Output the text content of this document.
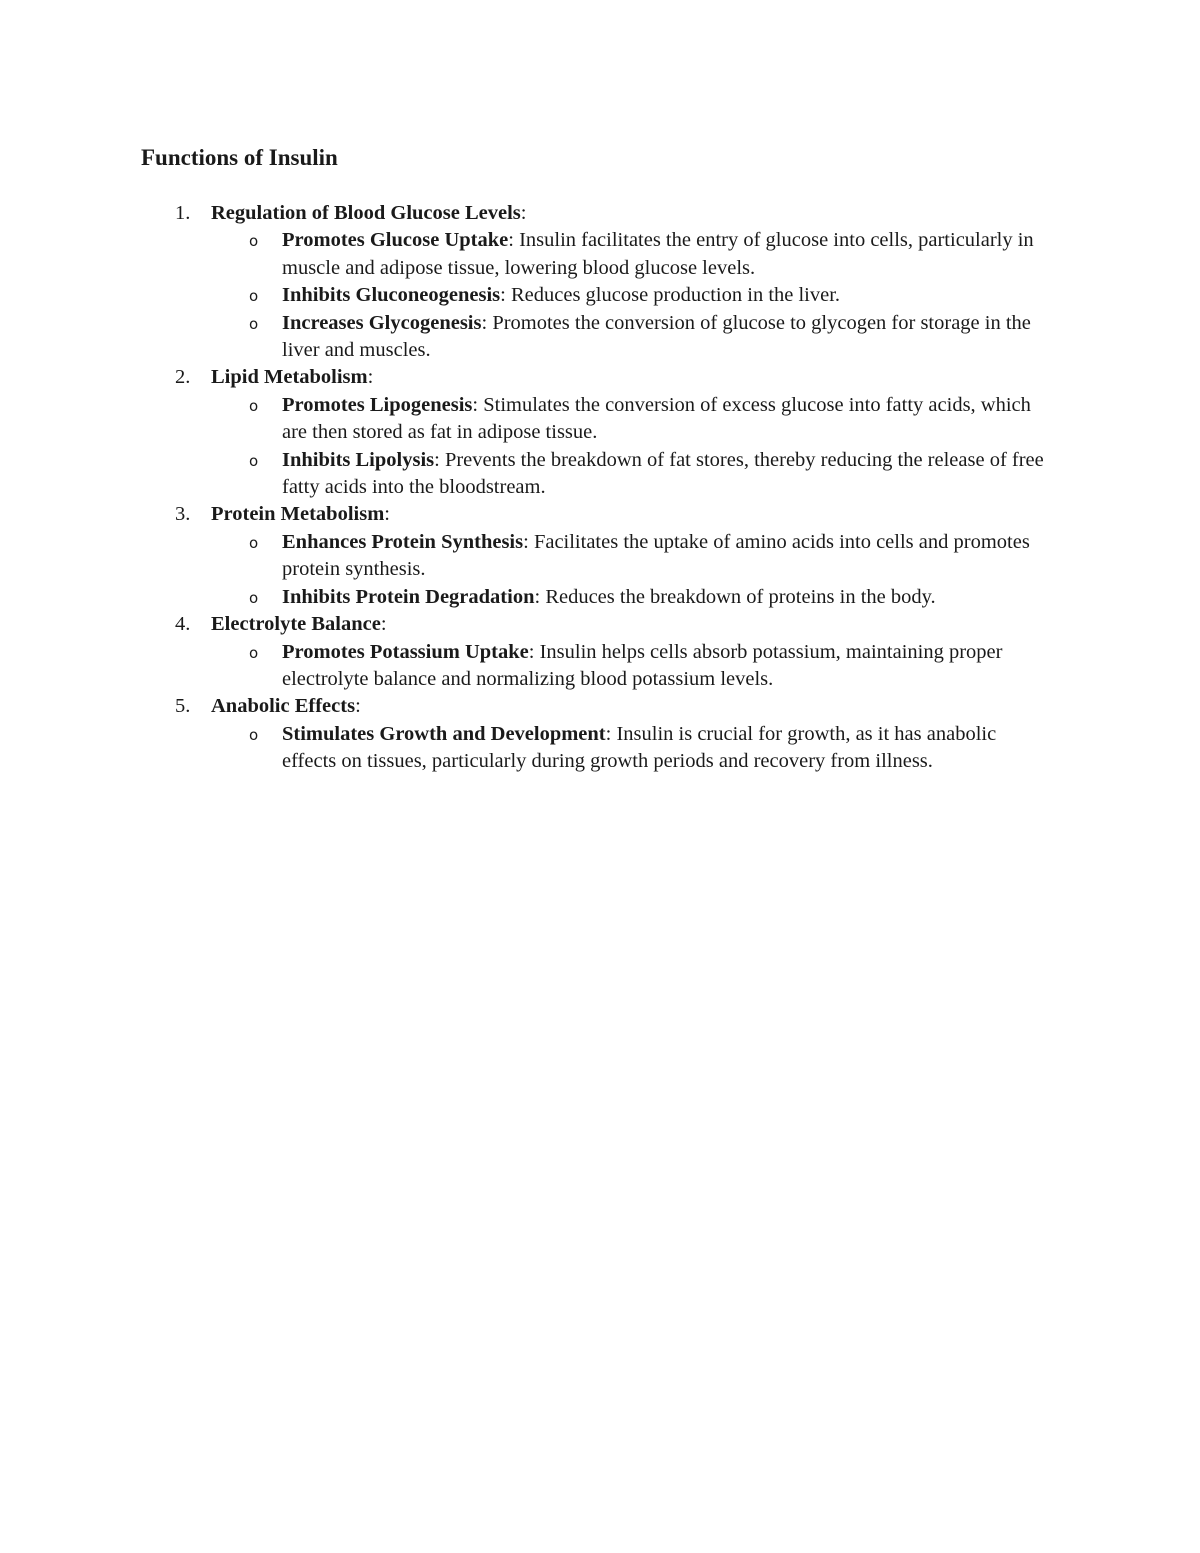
Functions of Insulin
1. Regulation of Blood Glucose Levels:
o Promotes Glucose Uptake: Insulin facilitates the entry of glucose into cells, particularly in muscle and adipose tissue, lowering blood glucose levels.
o Inhibits Gluconeogenesis: Reduces glucose production in the liver.
o Increases Glycogenesis: Promotes the conversion of glucose to glycogen for storage in the liver and muscles.
2. Lipid Metabolism:
o Promotes Lipogenesis: Stimulates the conversion of excess glucose into fatty acids, which are then stored as fat in adipose tissue.
o Inhibits Lipolysis: Prevents the breakdown of fat stores, thereby reducing the release of free fatty acids into the bloodstream.
3. Protein Metabolism:
o Enhances Protein Synthesis: Facilitates the uptake of amino acids into cells and promotes protein synthesis.
o Inhibits Protein Degradation: Reduces the breakdown of proteins in the body.
4. Electrolyte Balance:
o Promotes Potassium Uptake: Insulin helps cells absorb potassium, maintaining proper electrolyte balance and normalizing blood potassium levels.
5. Anabolic Effects:
o Stimulates Growth and Development: Insulin is crucial for growth, as it has anabolic effects on tissues, particularly during growth periods and recovery from illness.
